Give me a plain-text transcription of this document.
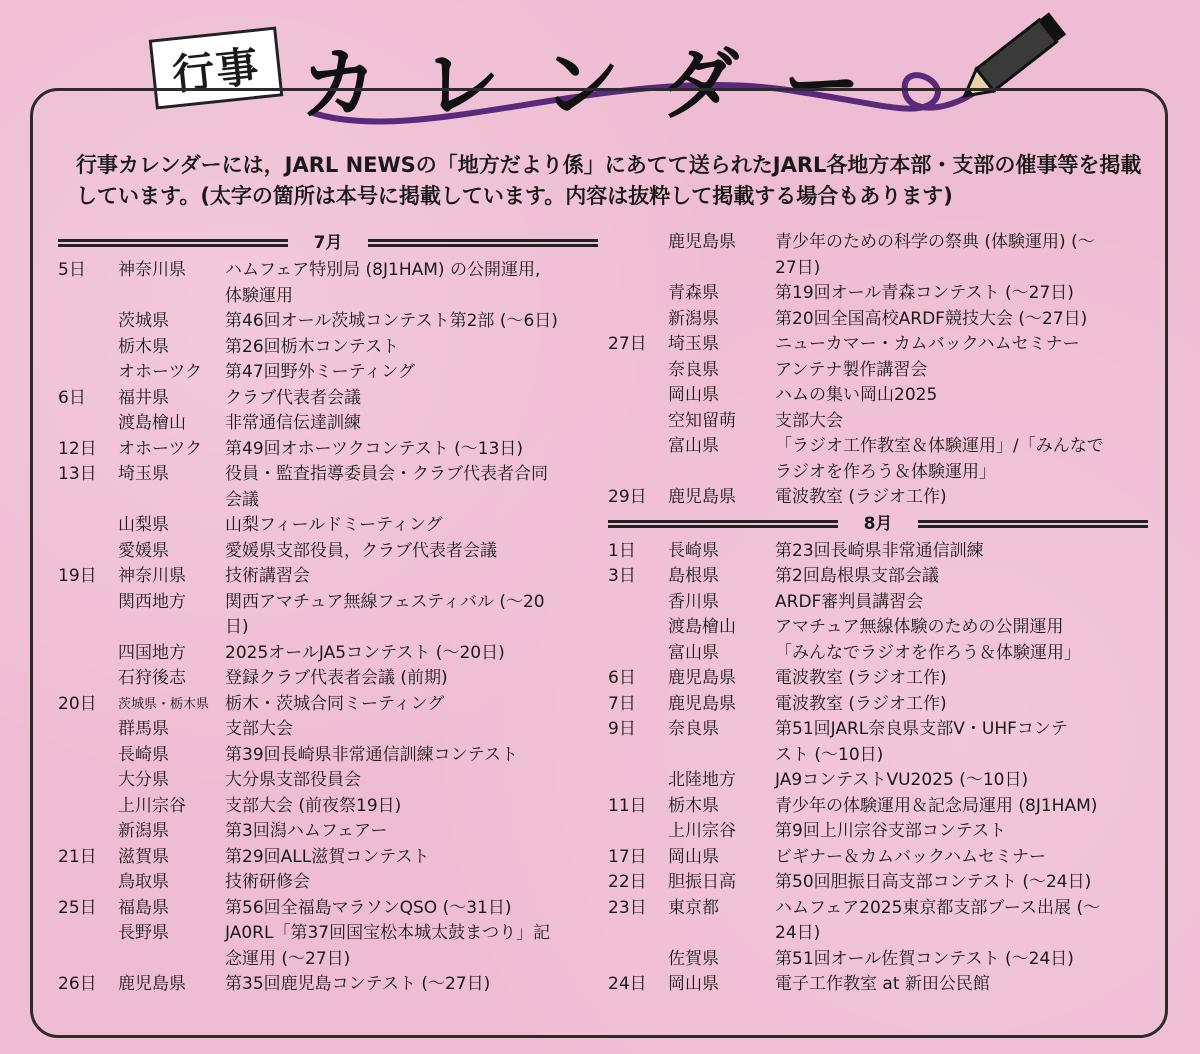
行事 カレンダー
行事カレンダーには，JARL NEWSの「地方だより係」にあてて送られたJARL各地方本部・支部の催事等を掲載しています。(太字の箇所は本号に掲載しています。内容は抜粋して掲載する場合もあります)
7月
5日	神奈川県	ハムフェア特別局 (8J1HAM) の公開運用,
体験運用
茨城県	第46回オール茨城コンテスト第2部 (～6日)
栃木県	第26回栃木コンテスト
オホーツク	第47回野外ミーティング
6日	福井県	クラブ代表者会議
渡島檜山	非常通信伝達訓練
12日	オホーツク	第49回オホーツクコンテスト (～13日)
13日	埼玉県	役員・監査指導委員会・クラブ代表者合同
会議
山梨県	山梨フィールドミーティング
愛媛県	愛媛県支部役員，クラブ代表者会議
19日	神奈川県	技術講習会
関西地方	関西アマチュア無線フェスティバル (～20
日)
四国地方	2025オールJA5コンテスト (～20日)
石狩後志	登録クラブ代表者会議 (前期)
20日	茨城県・栃木県 栃木・茨城合同ミーティング
群馬県	支部大会
長崎県	第39回長崎県非常通信訓練コンテスト
大分県	大分県支部役員会
上川宗谷	支部大会 (前夜祭19日)
新潟県	第3回潟ハムフェアー
21日	滋賀県	第29回ALL滋賀コンテスト
鳥取県	技術研修会
25日	福島県	第56回全福島マラソンQSO (～31日)
長野県	JA0RL「第37回国宝松本城太鼓まつり」記
念運用 (～27日)
26日	鹿児島県	第35回鹿児島コンテスト (～27日)
鹿児島県	青少年のための科学の祭典 (体験運用) (～
27日)
青森県	第19回オール青森コンテスト (～27日)
新潟県	第20回全国高校ARDF競技大会 (～27日)
27日	埼玉県	ニューカマー・カムバックハムセミナー
奈良県	アンテナ製作講習会
岡山県	ハムの集い岡山2025
空知留萌	支部大会
富山県	「ラジオ工作教室＆体験運用」/「みんなで
ラジオを作ろう＆体験運用」
29日	鹿児島県	電波教室 (ラジオ工作)
8月
1日	長崎県	第23回長崎県非常通信訓練
3日	島根県	第2回島根県支部会議
香川県	ARDF審判員講習会
渡島檜山	アマチュア無線体験のための公開運用
富山県	「みんなでラジオを作ろう＆体験運用」
6日	鹿児島県	電波教室 (ラジオ工作)
7日	鹿児島県	電波教室 (ラジオ工作)
9日	奈良県	第51回JARL奈良県支部V・UHFコンテ
スト (～10日)
北陸地方	JA9コンテストVU2025 (～10日)
11日	栃木県	青少年の体験運用＆記念局運用 (8J1HAM)
上川宗谷	第9回上川宗谷支部コンテスト
17日	岡山県	ビギナー＆カムバックハムセミナー
22日	胆振日高	第50回胆振日高支部コンテスト (～24日)
23日	東京都	ハムフェア2025東京都支部ブース出展 (～
24日)
佐賀県	第51回オール佐賀コンテスト (～24日)
24日	岡山県	電子工作教室 at 新田公民館
